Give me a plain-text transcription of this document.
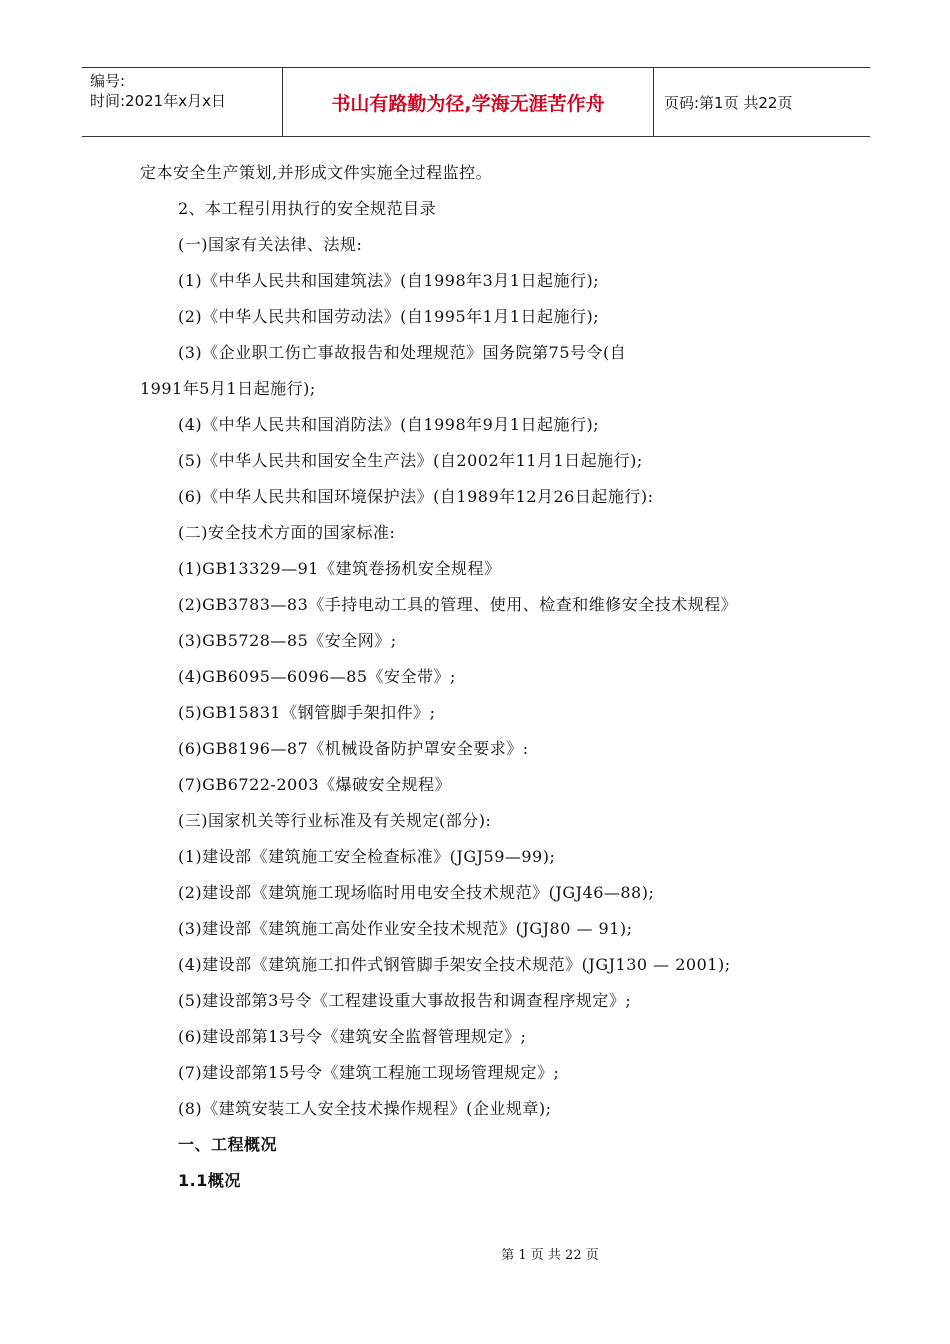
编号:
时间:2021年x月x日	书山有路勤为径,学海无涯苦作舟	页码:第1页 共22页
定本安全生产策划,并形成文件实施全过程监控。
2、本工程引用执行的安全规范目录
(一)国家有关法律、法规:
(1)《中华人民共和国建筑法》(自1998年3月1日起施行);
(2)《中华人民共和国劳动法》(自1995年1月1日起施行);
(3)《企业职工伤亡事故报告和处理规范》国务院第75号令(自
1991年5月1日起施行);
(4)《中华人民共和国消防法》(自1998年9月1日起施行);
(5)《中华人民共和国安全生产法》(自2002年11月1日起施行);
(6)《中华人民共和国环境保护法》(自1989年12月26日起施行):
(二)安全技术方面的国家标准:
(1)GB13329—91《建筑卷扬机安全规程》
(2)GB3783—83《手持电动工具的管理、使用、检查和维修安全技术规程》
(3)GB5728—85《安全网》;
(4)GB6095—6096—85《安全带》;
(5)GB15831《钢管脚手架扣件》;
(6)GB8196—87《机械设备防护罩安全要求》:
(7)GB6722-2003《爆破安全规程》
(三)国家机关等行业标准及有关规定(部分):
(1)建设部《建筑施工安全检查标准》(JGJ59—99);
(2)建设部《建筑施工现场临时用电安全技术规范》(JGJ46—88);
(3)建设部《建筑施工高处作业安全技术规范》(JGJ80 — 91);
(4)建设部《建筑施工扣件式钢管脚手架安全技术规范》(JGJ130 — 2001);
(5)建设部第3号令《工程建设重大事故报告和调查程序规定》;
(6)建设部第13号令《建筑安全监督管理规定》;
(7)建设部第15号令《建筑工程施工现场管理规定》;
(8)《建筑安装工人安全技术操作规程》(企业规章);
一、工程概况
1.1概况
第 1 页 共 22 页
